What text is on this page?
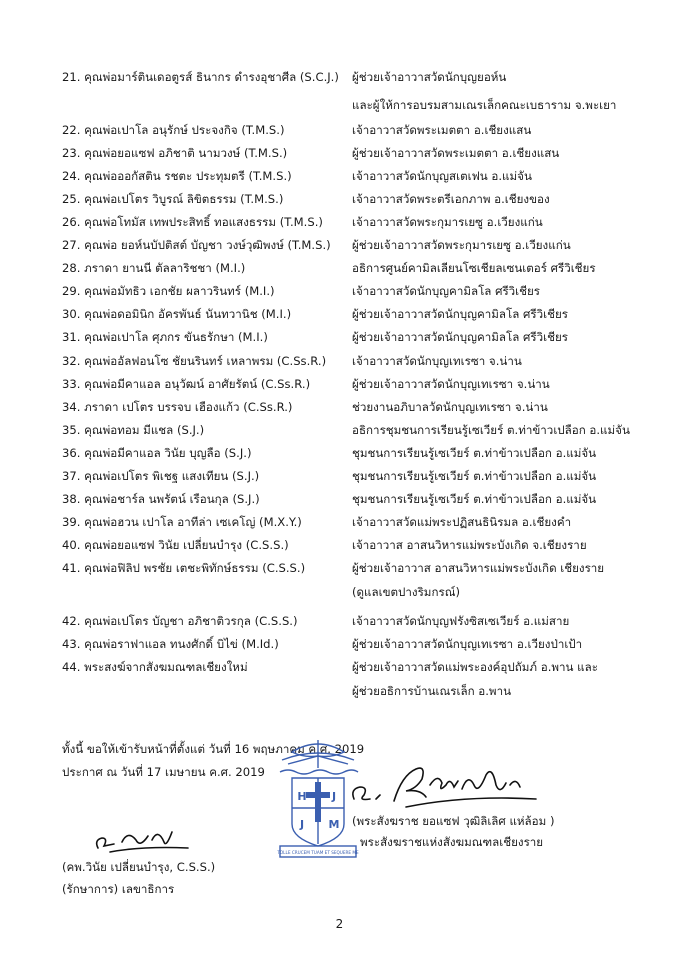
21. คุณพ่อมาร์ตินเดอตูรส์ ธินากร ดำรงอุชาศีล (S.C.J.) ผู้ช่วยเจ้าอาวาสวัดนักบุญยอห์น
และผู้ให้การอบรมสามเณรเล็กคณะเบธาราม จ.พะเยา
22. คุณพ่อเปาโล อนุรักษ์ ประจงกิจ (T.M.S.)	เจ้าอาวาสวัดพระเมตตา อ.เชียงแสน
23. คุณพ่อยอแซฟ อภิชาติ นามวงษ์ (T.M.S.)	ผู้ช่วยเจ้าอาวาสวัดพระเมตตา อ.เชียงแสน
24. คุณพ่อออกัสติน รชตะ ประทุมตรี (T.M.S.)	เจ้าอาวาสวัดนักบุญสเตเฟน อ.แม่จัน
25. คุณพ่อเปโตร วิบูรณ์ ลิขิตธรรม (T.M.S.)	เจ้าอาวาสวัดพระตรีเอกภาพ อ.เชียงของ
26. คุณพ่อโทมัส เทพประสิทธิ์ ทอแสงธรรม (T.M.S.)	เจ้าอาวาสวัดพระกุมารเยซู อ.เวียงแก่น
27. คุณพ่อ ยอห์นบัปติสต์ บัญชา วงษ์วุฒิพงษ์ (T.M.S.) ผู้ช่วยเจ้าอาวาสวัดพระกุมารเยซู อ.เวียงแก่น
28. ภราดา ยานนี ตัลลาริชชา (M.I.)	อธิการศูนย์คามิลเลียนโซเชียลเซนเตอร์ ศรีวิเชียร
29. คุณพ่อมัทธิว เอกชัย ผลาวรินทร์ (M.I.)	เจ้าอาวาสวัดนักบุญคามิลโล ศรีวิเชียร
30. คุณพ่อดอมินิก อัครพันธ์ นันทวานิช (M.I.)	ผู้ช่วยเจ้าอาวาสวัดนักบุญคามิลโล ศรีวิเชียร
31. คุณพ่อเปาโล ศุภกร ขันธรักษา (M.I.)	ผู้ช่วยเจ้าอาวาสวัดนักบุญคามิลโล ศรีวิเชียร
32. คุณพ่ออัลฟอนโซ ชัยนรินทร์ เหลาพรม (C.Ss.R.) เจ้าอาวาสวัดนักบุญเทเรซา จ.น่าน
33. คุณพ่อมีคาแอล อนุวัฒน์ อาศัยรัตน์ (C.Ss.R.)	ผู้ช่วยเจ้าอาวาสวัดนักบุญเทเรซา จ.น่าน
34. ภราดา เปโตร บรรจบ เฮืองแก้ว (C.Ss.R.)	ช่วยงานอภิบาลวัดนักบุญเทเรซา จ.น่าน
35. คุณพ่อทอม มีแชล (S.J.)	อธิการชุมชนการเรียนรู้เซเวียร์ ต.ท่าข้าวเปลือก อ.แม่จัน
36. คุณพ่อมีคาแอล วินัย บุญลือ (S.J.)	ชุมชนการเรียนรู้เซเวียร์ ต.ท่าข้าวเปลือก อ.แม่จัน
37. คุณพ่อเปโตร พิเชฐ แสงเทียน (S.J.)	ชุมชนการเรียนรู้เซเวียร์ ต.ท่าข้าวเปลือก อ.แม่จัน
38. คุณพ่อชาร์ล นพรัตน์ เรือนกุล (S.J.)	ชุมชนการเรียนรู้เซเวียร์ ต.ท่าข้าวเปลือก อ.แม่จัน
39. คุณพ่อฮวน เปาโล อาทีล่า เซเคโญ่ (M.X.Y.)	เจ้าอาวาสวัดแม่พระปฏิสนธินิรมล อ.เชียงคำ
40. คุณพ่อยอแซฟ วินัย เปลี่ยนบำรุง (C.S.S.)	เจ้าอาวาส อาสนวิหารแม่พระบังเกิด จ.เชียงราย
41. คุณพ่อฟิลิป พรชัย เตชะพิทักษ์ธรรม (C.S.S.)	ผู้ช่วยเจ้าอาวาส อาสนวิหารแม่พระบังเกิด เชียงราย
(ดูแลเขตปางริมกรณ์)
42. คุณพ่อเปโตร บัญชา อภิชาติวรกุล (C.S.S.)	เจ้าอาวาสวัดนักบุญฟรังซิสเซเวียร์ อ.แม่สาย
43. คุณพ่อราฟาแอล ทนงศักดิ์ บิไข่ (M.Id.)	ผู้ช่วยเจ้าอาวาสวัดนักบุญเทเรซา อ.เวียงป่าเป้า
44. พระสงฆ์จากสังฆมณฑลเชียงใหม่	ผู้ช่วยเจ้าอาวาสวัดแม่พระองค์อุปถัมภ์ อ.พาน และ
ผู้ช่วยอธิการบ้านเณรเล็ก อ.พาน
ทั้งนี้ ขอให้เข้ารับหน้าที่ตั้งแต่ วันที่ 16 พฤษภาคม ค.ศ. 2019
ประกาศ ณ วันที่ 17 เมษายน ค.ศ. 2019
H J
J M
TOLLE CRUCEM TUAM ET SEQUERE ME
(พระสังฆราช ยอแซฟ วุฒิลิเลิศ แห่ล้อม )
พระสังฆราชแห่งสังฆมณฑลเชียงราย
(คพ.วินัย เปลี่ยนบำรุง, C.S.S.)
(รักษาการ) เลขาธิการ
2
